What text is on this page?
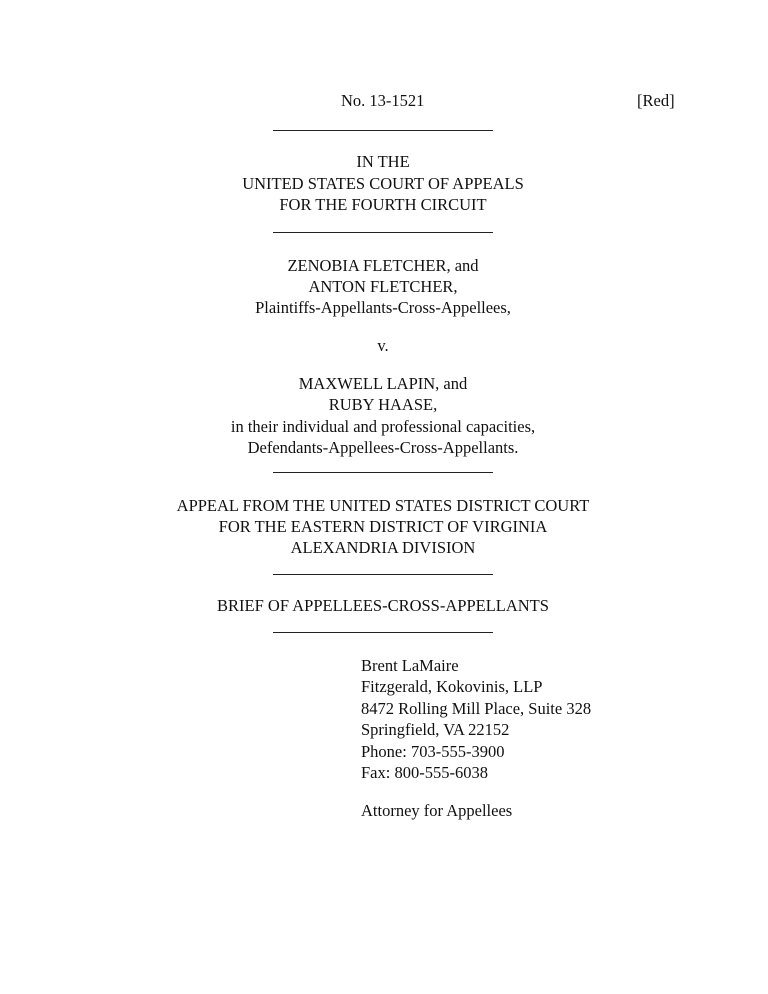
No. 13-1521	[Red]
IN THE
UNITED STATES COURT OF APPEALS
FOR THE FOURTH CIRCUIT
ZENOBIA FLETCHER, and
ANTON FLETCHER,
Plaintiffs-Appellants-Cross-Appellees,
v.
MAXWELL LAPIN, and
RUBY HAASE,
in their individual and professional capacities,
Defendants-Appellees-Cross-Appellants.
APPEAL FROM THE UNITED STATES DISTRICT COURT
FOR THE EASTERN DISTRICT OF VIRGINIA
ALEXANDRIA DIVISION
BRIEF OF APPELLEES-CROSS-APPELLANTS
Brent LaMaire
Fitzgerald, Kokovinis, LLP
8472 Rolling Mill Place, Suite 328
Springfield, VA 22152
Phone: 703-555-3900
Fax: 800-555-6038
Attorney for Appellees
